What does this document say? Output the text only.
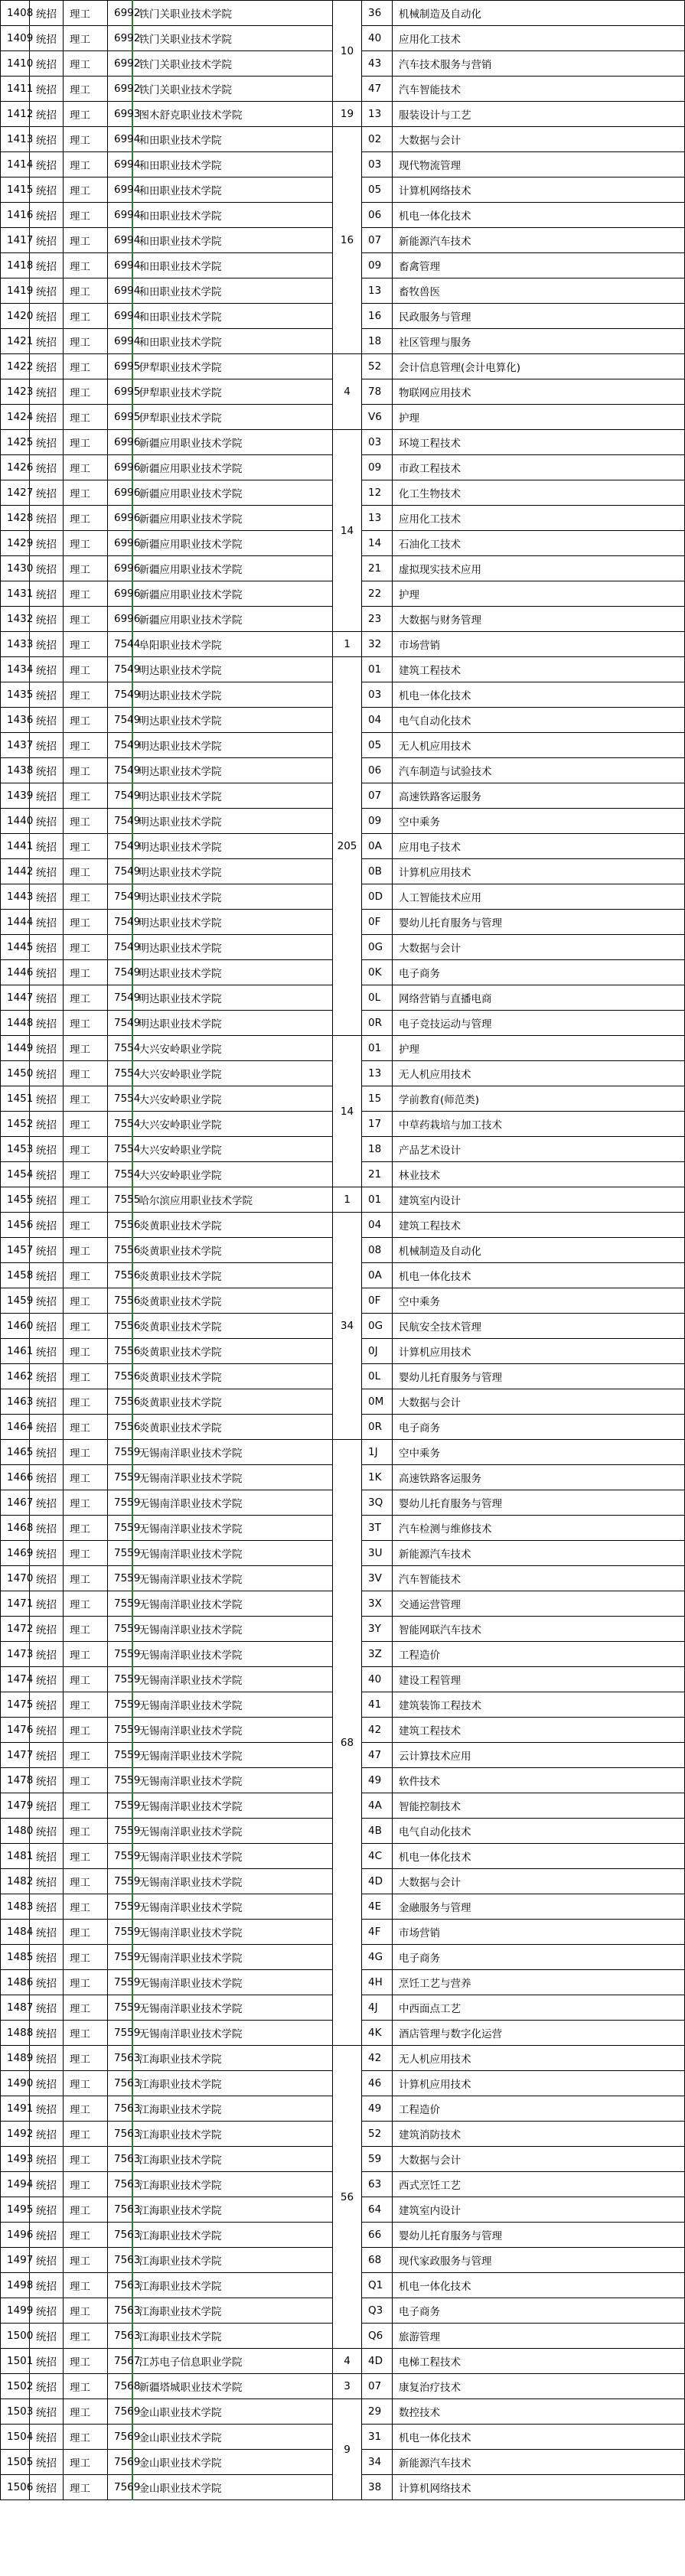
1408	统招	理工	6992	铁门关职业技术学院	10	36	机械制造及自动化
1409	统招	理工	6992	铁门关职业技术学院		40	应用化工技术
1410	统招	理工	6992	铁门关职业技术学院		43	汽车技术服务与营销
1411	统招	理工	6992	铁门关职业技术学院		47	汽车智能技术
1412	统招	理工	6993	图木舒克职业技术学院	19	13	服装设计与工艺
1413	统招	理工	6994	和田职业技术学院	16	02	大数据与会计
1414	统招	理工	6994	和田职业技术学院		03	现代物流管理
1415	统招	理工	6994	和田职业技术学院		05	计算机网络技术
1416	统招	理工	6994	和田职业技术学院		06	机电一体化技术
1417	统招	理工	6994	和田职业技术学院		07	新能源汽车技术
1418	统招	理工	6994	和田职业技术学院		09	畜禽管理
1419	统招	理工	6994	和田职业技术学院		13	畜牧兽医
1420	统招	理工	6994	和田职业技术学院		16	民政服务与管理
1421	统招	理工	6994	和田职业技术学院		18	社区管理与服务
1422	统招	理工	6995	伊犁职业技术学院	4	52	会计信息管理(会计电算化)
1423	统招	理工	6995	伊犁职业技术学院		78	物联网应用技术
1424	统招	理工	6995	伊犁职业技术学院		V6	护理
1425	统招	理工	6996	新疆应用职业技术学院	14	03	环境工程技术
1426	统招	理工	6996	新疆应用职业技术学院		09	市政工程技术
1427	统招	理工	6996	新疆应用职业技术学院		12	化工生物技术
1428	统招	理工	6996	新疆应用职业技术学院		13	应用化工技术
1429	统招	理工	6996	新疆应用职业技术学院		14	石油化工技术
1430	统招	理工	6996	新疆应用职业技术学院		21	虚拟现实技术应用
1431	统招	理工	6996	新疆应用职业技术学院		22	护理
1432	统招	理工	6996	新疆应用职业技术学院		23	大数据与财务管理
1433	统招	理工	7544	阜阳职业技术学院	1	32	市场营销
1434	统招	理工	7549	明达职业技术学院	205	01	建筑工程技术
1435	统招	理工	7549	明达职业技术学院		03	机电一体化技术
1436	统招	理工	7549	明达职业技术学院		04	电气自动化技术
1437	统招	理工	7549	明达职业技术学院		05	无人机应用技术
1438	统招	理工	7549	明达职业技术学院		06	汽车制造与试验技术
1439	统招	理工	7549	明达职业技术学院		07	高速铁路客运服务
1440	统招	理工	7549	明达职业技术学院		09	空中乘务
1441	统招	理工	7549	明达职业技术学院		0A	应用电子技术
1442	统招	理工	7549	明达职业技术学院		0B	计算机应用技术
1443	统招	理工	7549	明达职业技术学院		0D	人工智能技术应用
1444	统招	理工	7549	明达职业技术学院		0F	婴幼儿托育服务与管理
1445	统招	理工	7549	明达职业技术学院		0G	大数据与会计
1446	统招	理工	7549	明达职业技术学院		0K	电子商务
1447	统招	理工	7549	明达职业技术学院		0L	网络营销与直播电商
1448	统招	理工	7549	明达职业技术学院		0R	电子竞技运动与管理
1449	统招	理工	7554	大兴安岭职业学院	14	01	护理
1450	统招	理工	7554	大兴安岭职业学院		13	无人机应用技术
1451	统招	理工	7554	大兴安岭职业学院		15	学前教育(师范类)
1452	统招	理工	7554	大兴安岭职业学院		17	中草药栽培与加工技术
1453	统招	理工	7554	大兴安岭职业学院		18	产品艺术设计
1454	统招	理工	7554	大兴安岭职业学院		21	林业技术
1455	统招	理工	7555	哈尔滨应用职业技术学院	1	01	建筑室内设计
1456	统招	理工	7556	炎黄职业技术学院	34	04	建筑工程技术
1457	统招	理工	7556	炎黄职业技术学院		08	机械制造及自动化
1458	统招	理工	7556	炎黄职业技术学院		0A	机电一体化技术
1459	统招	理工	7556	炎黄职业技术学院		0F	空中乘务
1460	统招	理工	7556	炎黄职业技术学院		0G	民航安全技术管理
1461	统招	理工	7556	炎黄职业技术学院		0J	计算机应用技术
1462	统招	理工	7556	炎黄职业技术学院		0L	婴幼儿托育服务与管理
1463	统招	理工	7556	炎黄职业技术学院		0M	大数据与会计
1464	统招	理工	7556	炎黄职业技术学院		0R	电子商务
1465	统招	理工	7559	无锡南洋职业技术学院	68	1J	空中乘务
1466	统招	理工	7559	无锡南洋职业技术学院		1K	高速铁路客运服务
1467	统招	理工	7559	无锡南洋职业技术学院		3Q	婴幼儿托育服务与管理
1468	统招	理工	7559	无锡南洋职业技术学院		3T	汽车检测与维修技术
1469	统招	理工	7559	无锡南洋职业技术学院		3U	新能源汽车技术
1470	统招	理工	7559	无锡南洋职业技术学院		3V	汽车智能技术
1471	统招	理工	7559	无锡南洋职业技术学院		3X	交通运营管理
1472	统招	理工	7559	无锡南洋职业技术学院		3Y	智能网联汽车技术
1473	统招	理工	7559	无锡南洋职业技术学院		3Z	工程造价
1474	统招	理工	7559	无锡南洋职业技术学院		40	建设工程管理
1475	统招	理工	7559	无锡南洋职业技术学院		41	建筑装饰工程技术
1476	统招	理工	7559	无锡南洋职业技术学院		42	建筑工程技术
1477	统招	理工	7559	无锡南洋职业技术学院		47	云计算技术应用
1478	统招	理工	7559	无锡南洋职业技术学院		49	软件技术
1479	统招	理工	7559	无锡南洋职业技术学院		4A	智能控制技术
1480	统招	理工	7559	无锡南洋职业技术学院		4B	电气自动化技术
1481	统招	理工	7559	无锡南洋职业技术学院		4C	机电一体化技术
1482	统招	理工	7559	无锡南洋职业技术学院		4D	大数据与会计
1483	统招	理工	7559	无锡南洋职业技术学院		4E	金融服务与管理
1484	统招	理工	7559	无锡南洋职业技术学院		4F	市场营销
1485	统招	理工	7559	无锡南洋职业技术学院		4G	电子商务
1486	统招	理工	7559	无锡南洋职业技术学院		4H	烹饪工艺与营养
1487	统招	理工	7559	无锡南洋职业技术学院		4J	中西面点工艺
1488	统招	理工	7559	无锡南洋职业技术学院		4K	酒店管理与数字化运营
1489	统招	理工	7563	江海职业技术学院	56	42	无人机应用技术
1490	统招	理工	7563	江海职业技术学院		46	计算机应用技术
1491	统招	理工	7563	江海职业技术学院		49	工程造价
1492	统招	理工	7563	江海职业技术学院		52	建筑消防技术
1493	统招	理工	7563	江海职业技术学院		59	大数据与会计
1494	统招	理工	7563	江海职业技术学院		63	西式烹饪工艺
1495	统招	理工	7563	江海职业技术学院		64	建筑室内设计
1496	统招	理工	7563	江海职业技术学院		66	婴幼儿托育服务与管理
1497	统招	理工	7563	江海职业技术学院		68	现代家政服务与管理
1498	统招	理工	7563	江海职业技术学院		Q1	机电一体化技术
1499	统招	理工	7563	江海职业技术学院		Q3	电子商务
1500	统招	理工	7563	江海职业技术学院		Q6	旅游管理
1501	统招	理工	7567	江苏电子信息职业学院	4	4D	电梯工程技术
1502	统招	理工	7568	新疆塔城职业技术学院	3	07	康复治疗技术
1503	统招	理工	7569	金山职业技术学院	9	29	数控技术
1504	统招	理工	7569	金山职业技术学院		31	机电一体化技术
1505	统招	理工	7569	金山职业技术学院		34	新能源汽车技术
1506	统招	理工	7569	金山职业技术学院		38	计算机网络技术
